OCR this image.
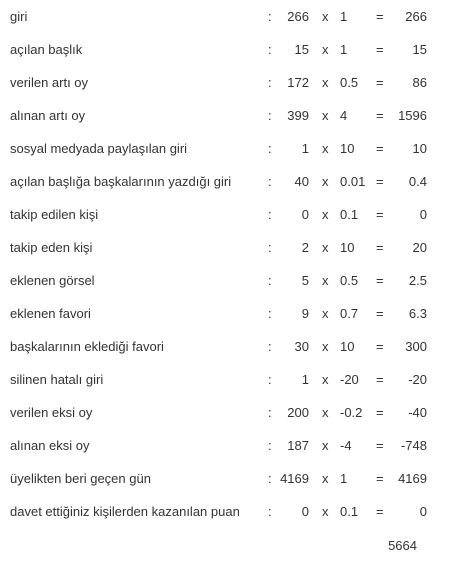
giri	: 266 x 1 = 266
açılan başlık	: 15 x 1 = 15
verilen artı oy	: 172 x 0.5 = 86
alınan artı oy	: 399 x 4 = 1596
sosyal medyada paylaşılan giri	: 1 x 10 = 10
açılan başlığa başkalarının yazdığı giri	: 40 x 0.01 = 0.4
takip edilen kişi	: 0 x 0.1 =	0
takip eden kişi	: 2 x 10 = 20
eklenen görsel	: 5 x 0.5 = 2.5
eklenen favori	: 9 x 0.7 = 6.3
başkalarının eklediği favori	: 30 x 10 = 300
silinen hatalı giri	: 1 x -20 = -20
verilen eksi oy	: 200 x -0.2 = -40
alınan eksi oy	: 187 x -4 = -748
üyelikten beri geçen gün	: 4169 x 1 = 4169
davet ettiğiniz kişilerden kazanılan puan : 0 x 0.1 =	0
5664
